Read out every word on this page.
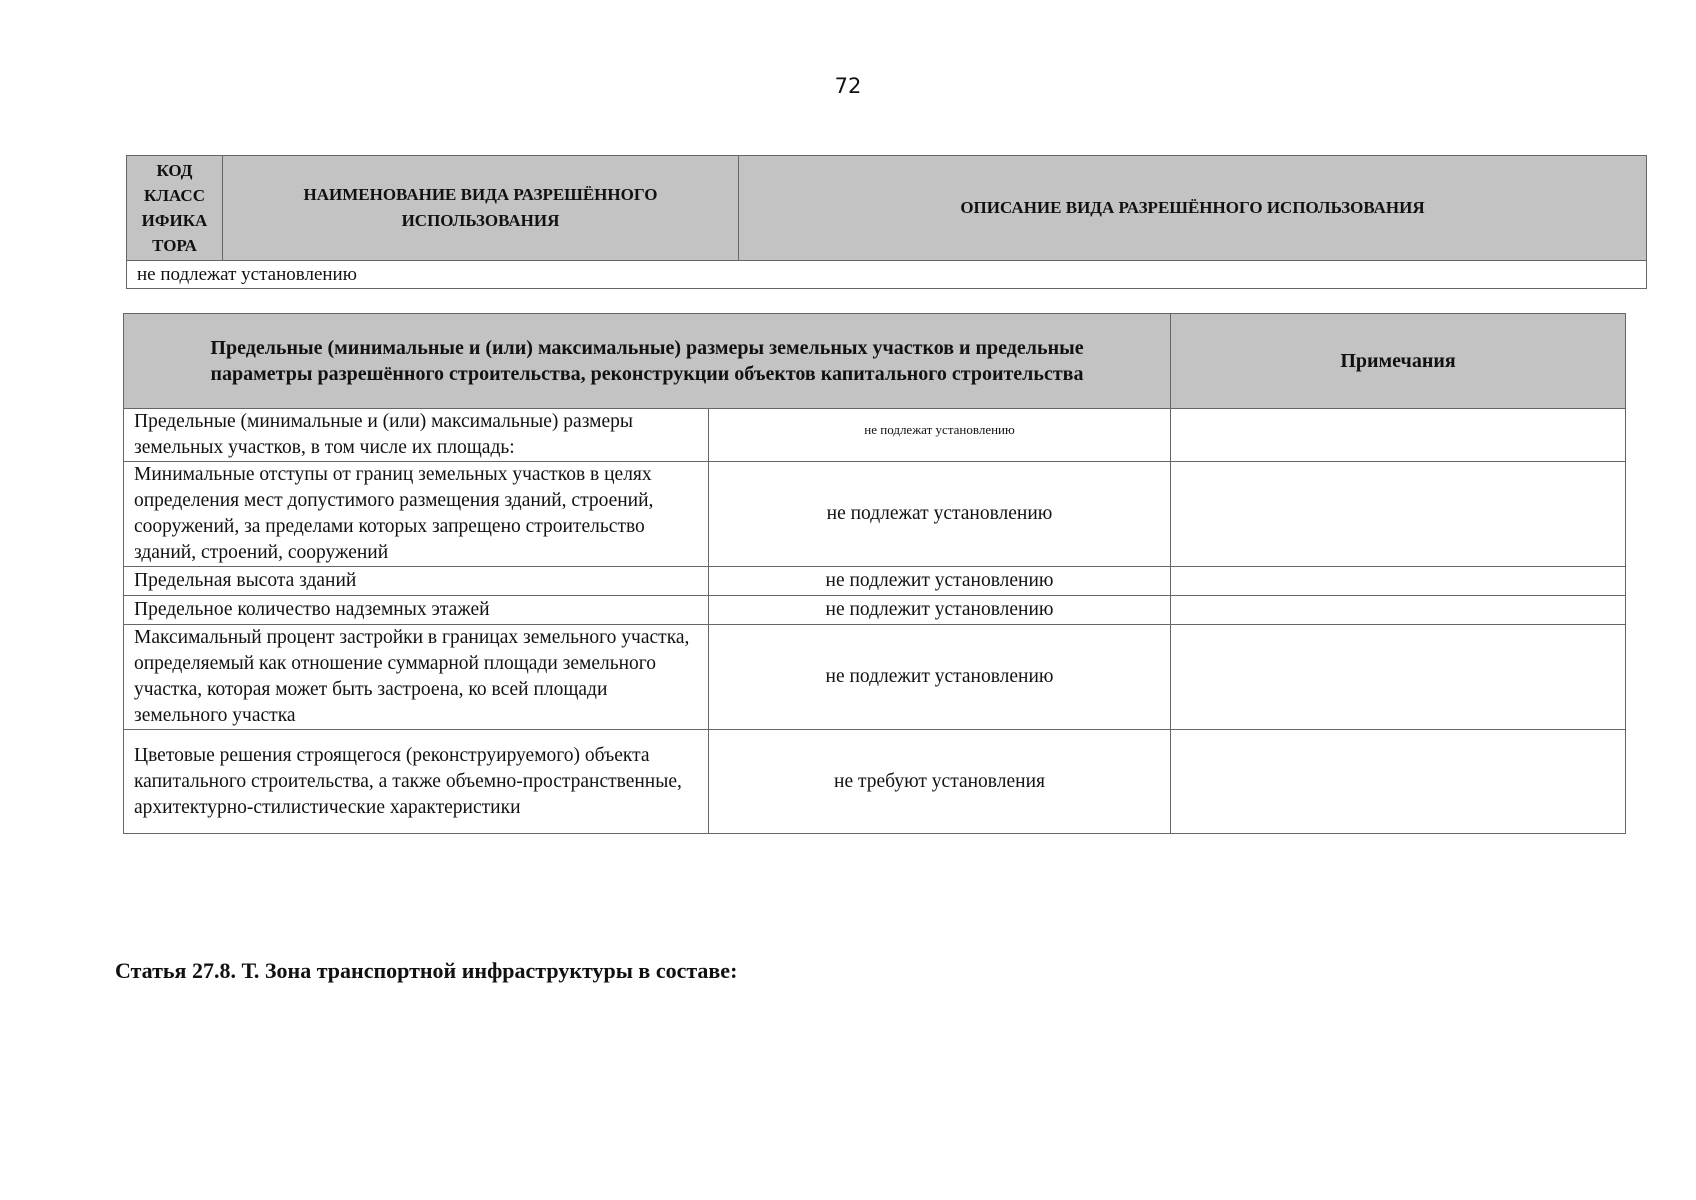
72
КОД КЛАСС ИФИКА ТОРА	НАИМЕНОВАНИЕ ВИДА РАЗРЕШЁННОГО ИСПОЛЬЗОВАНИЯ	ОПИСАНИЕ ВИДА РАЗРЕШЁННОГО ИСПОЛЬЗОВАНИЯ
не подлежат установлению
Предельные (минимальные и (или) максимальные) размеры земельных участков и предельные параметры разрешённого строительства, реконструкции объектов капитального строительства		Примечания
Предельные (минимальные и (или) максимальные) размеры земельных участков, в том числе их площадь:	не подлежат установлению	
Минимальные отступы от границ земельных участков в целях определения мест допустимого размещения зданий, строений, сооружений, за пределами которых запрещено строительство зданий, строений, сооружений	не подлежат установлению	
Предельная высота зданий	не подлежит установлению	
Предельное количество надземных этажей	не подлежит установлению	
Максимальный процент застройки в границах земельного участка, определяемый как отношение суммарной площади земельного участка, которая может быть застроена, ко всей площади земельного участка	не подлежит установлению	
Цветовые решения строящегося (реконструируемого) объекта капитального строительства, а также объемно-пространственные, архитектурно-стилистические характеристики	не требуют установления	
Статья 27.8. Т. Зона транспортной инфраструктуры в составе:
